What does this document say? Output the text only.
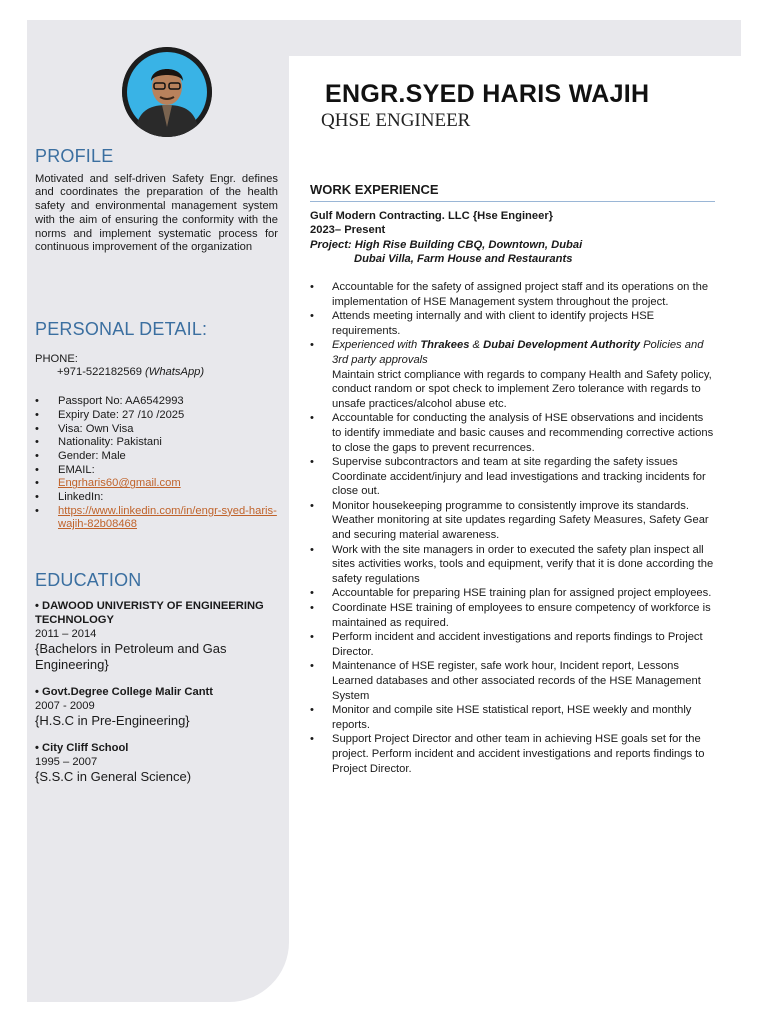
ENGR.SYED HARIS WAJIH
QHSE ENGINEER
PROFILE

Motivated and self-driven Safety Engr. defines and coordinates the preparation of the health safety and environmental management system with the aim of ensuring the conformity with the norms and implement systematic process for continuous improvement of the organization

PERSONAL DETAIL:
PHONE:
+971-522182569 (WhatsApp)
• Passport No: AA6542993
• Expiry Date: 27 /10 /2025
• Visa: Own Visa
• Nationality: Pakistani
• Gender: Male
• EMAIL:
• Engrharis60@gmail.com
• LinkedIn:
• https://www.linkedin.com/in/engr-syed-haris-wajih-82b08468
EDUCATION

• DAWOOD UNIVERISTY OF ENGINEERING TECHNOLOGY

2011 – 2014

{Bachelors in Petroleum and Gas Engineering}

• Govt.Degree College Malir Cantt

2007 - 2009

{H.S.C in Pre-Engineering}

• City Cliff School

1995 – 2007

{S.S.C in General Science)

WORK EXPERIENCE
Gulf Modern Contracting. LLC {Hse Engineer}
2023– Present
Project: High Rise Building CBQ, Downtown, Dubai
Dubai Villa, Farm House and Restaurants
• Accountable for the safety of assigned project staff and its operations on the implementation of HSE Management system throughout the project.
• Attends meeting internally and with client to identify projects HSE requirements.
• Experienced with Thrakees & Dubai Development Authority Policies and 3rd party approvals
Maintain strict compliance with regards to company Health and Safety policy, conduct random or spot check to implement Zero tolerance with regards to unsafe practices/alcohol abuse etc.
• Accountable for conducting the analysis of HSE observations and incidents to identify immediate and basic causes and recommending corrective actions to close the gaps to prevent recurrences.
• Supervise subcontractors and team at site regarding the safety issues Coordinate accident/injury and lead investigations and tracking incidents for close out.
• Monitor housekeeping programme to consistently improve its standards. Weather monitoring at site updates regarding Safety Measures, Safety Gear and securing material awareness.
• Work with the site managers in order to executed the safety plan inspect all sites activities works, tools and equipment, verify that it is done according the safety regulations
• Accountable for preparing HSE training plan for assigned project employees.
• Coordinate HSE training of employees to ensure competency of workforce is maintained as required.
• Perform incident and accident investigations and reports findings to Project Director.
• Maintenance of HSE register, safe work hour, Incident report, Lessons Learned databases and other associated records of the HSE Management System
• Monitor and compile site HSE statistical report, HSE weekly and monthly reports.
• Support Project Director and other team in achieving HSE goals set for the project. Perform incident and accident investigations and reports findings to Project Director.
